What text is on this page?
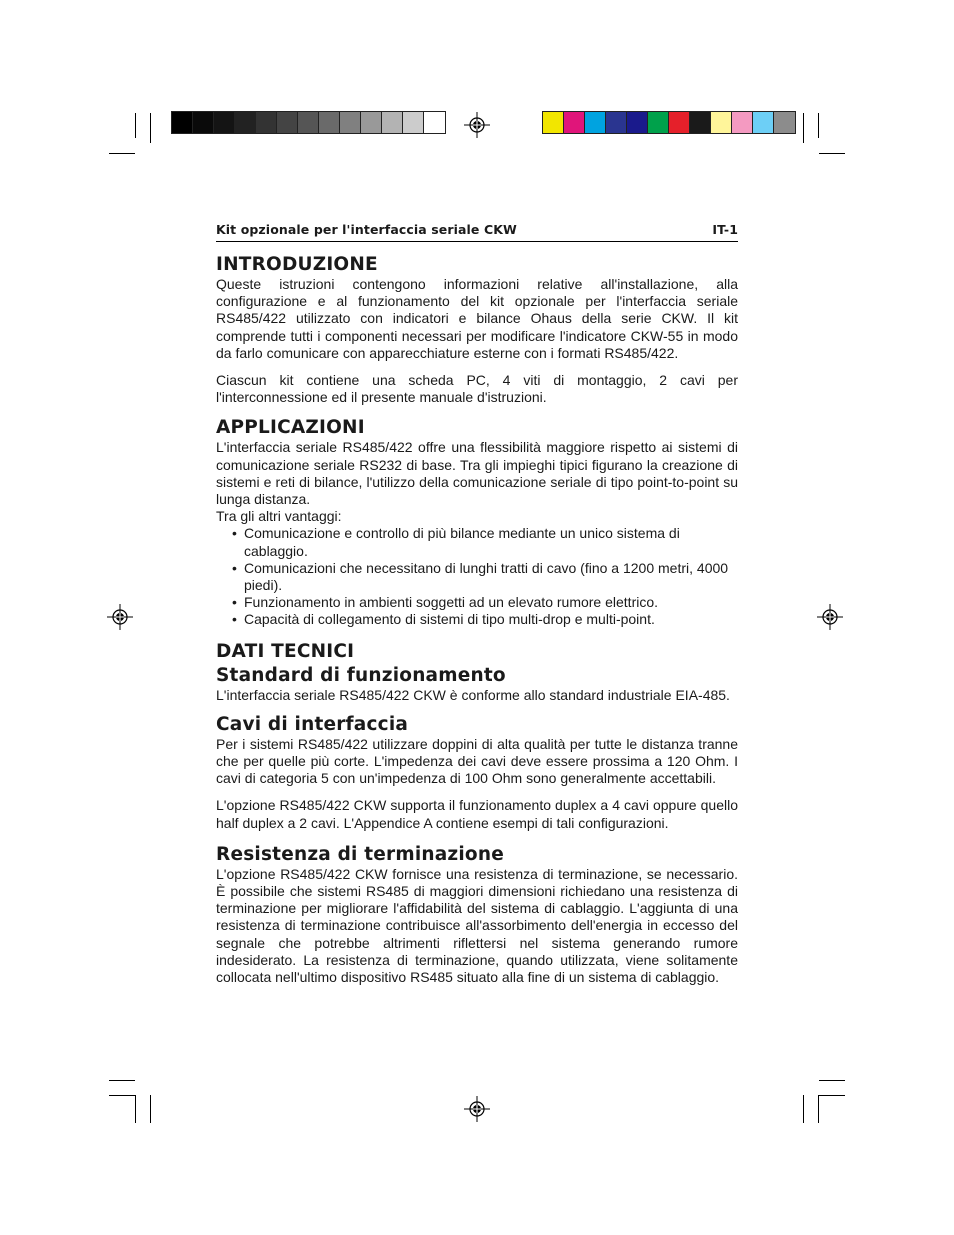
Kit opzionale per l'interfaccia seriale CKW	IT-1
INTRODUZIONE

Queste istruzioni contengono informazioni relative all'installazione, alla configurazione e al funzionamento del kit opzionale per l'interfaccia seriale RS485/422 utilizzato con indicatori e bilance Ohaus della serie CKW. Il kit comprende tutti i componenti necessari per modificare l'indicatore CKW-55 in modo da farlo comunicare con apparecchiature esterne con i formati RS485/422.

Ciascun kit contiene una scheda PC, 4 viti di montaggio, 2 cavi per l'interconnessione ed il presente manuale d'istruzioni.

APPLICAZIONI

L'interfaccia seriale RS485/422 offre una flessibilità maggiore rispetto ai sistemi di comunicazione seriale RS232 di base. Tra gli impieghi tipici figurano la creazione di sistemi e reti di bilance, l'utilizzo della comunicazione seriale di tipo point-to-point su lunga distanza.

Tra gli altri vantaggi:

• Comunicazione e controllo di più bilance mediante un unico sistema di cablaggio.
• Comunicazioni che necessitano di lunghi tratti di cavo (fino a 1200 metri, 4000 piedi).
• Funzionamento in ambienti soggetti ad un elevato rumore elettrico.
• Capacità di collegamento di sistemi di tipo multi-drop e multi-point.
DATI TECNICI
Standard di funzionamento

L'interfaccia seriale RS485/422 CKW è conforme allo standard industriale EIA-485.

Cavi di interfaccia

Per i sistemi RS485/422 utilizzare doppini di alta qualità per tutte le distanza tranne che per quelle più corte. L'impedenza dei cavi deve essere prossima a 120 Ohm. I cavi di categoria 5 con un'impedenza di 100 Ohm sono generalmente accettabili.

L'opzione RS485/422 CKW supporta il funzionamento duplex a 4 cavi oppure quello half duplex a 2 cavi. L'Appendice A contiene esempi di tali configurazioni.

Resistenza di terminazione

L'opzione RS485/422 CKW fornisce una resistenza di terminazione, se necessario. È possibile che sistemi RS485 di maggiori dimensioni richiedano una resistenza di terminazione per migliorare l'affidabilità del sistema di cablaggio. L'aggiunta di una resistenza di terminazione contribuisce all'assorbimento dell'energia in eccesso del segnale che potrebbe altrimenti riflettersi nel sistema generando rumore indesiderato. La resistenza di terminazione, quando utilizzata, viene solitamente collocata nell'ultimo dispositivo RS485 situato alla fine di un sistema di cablaggio.
